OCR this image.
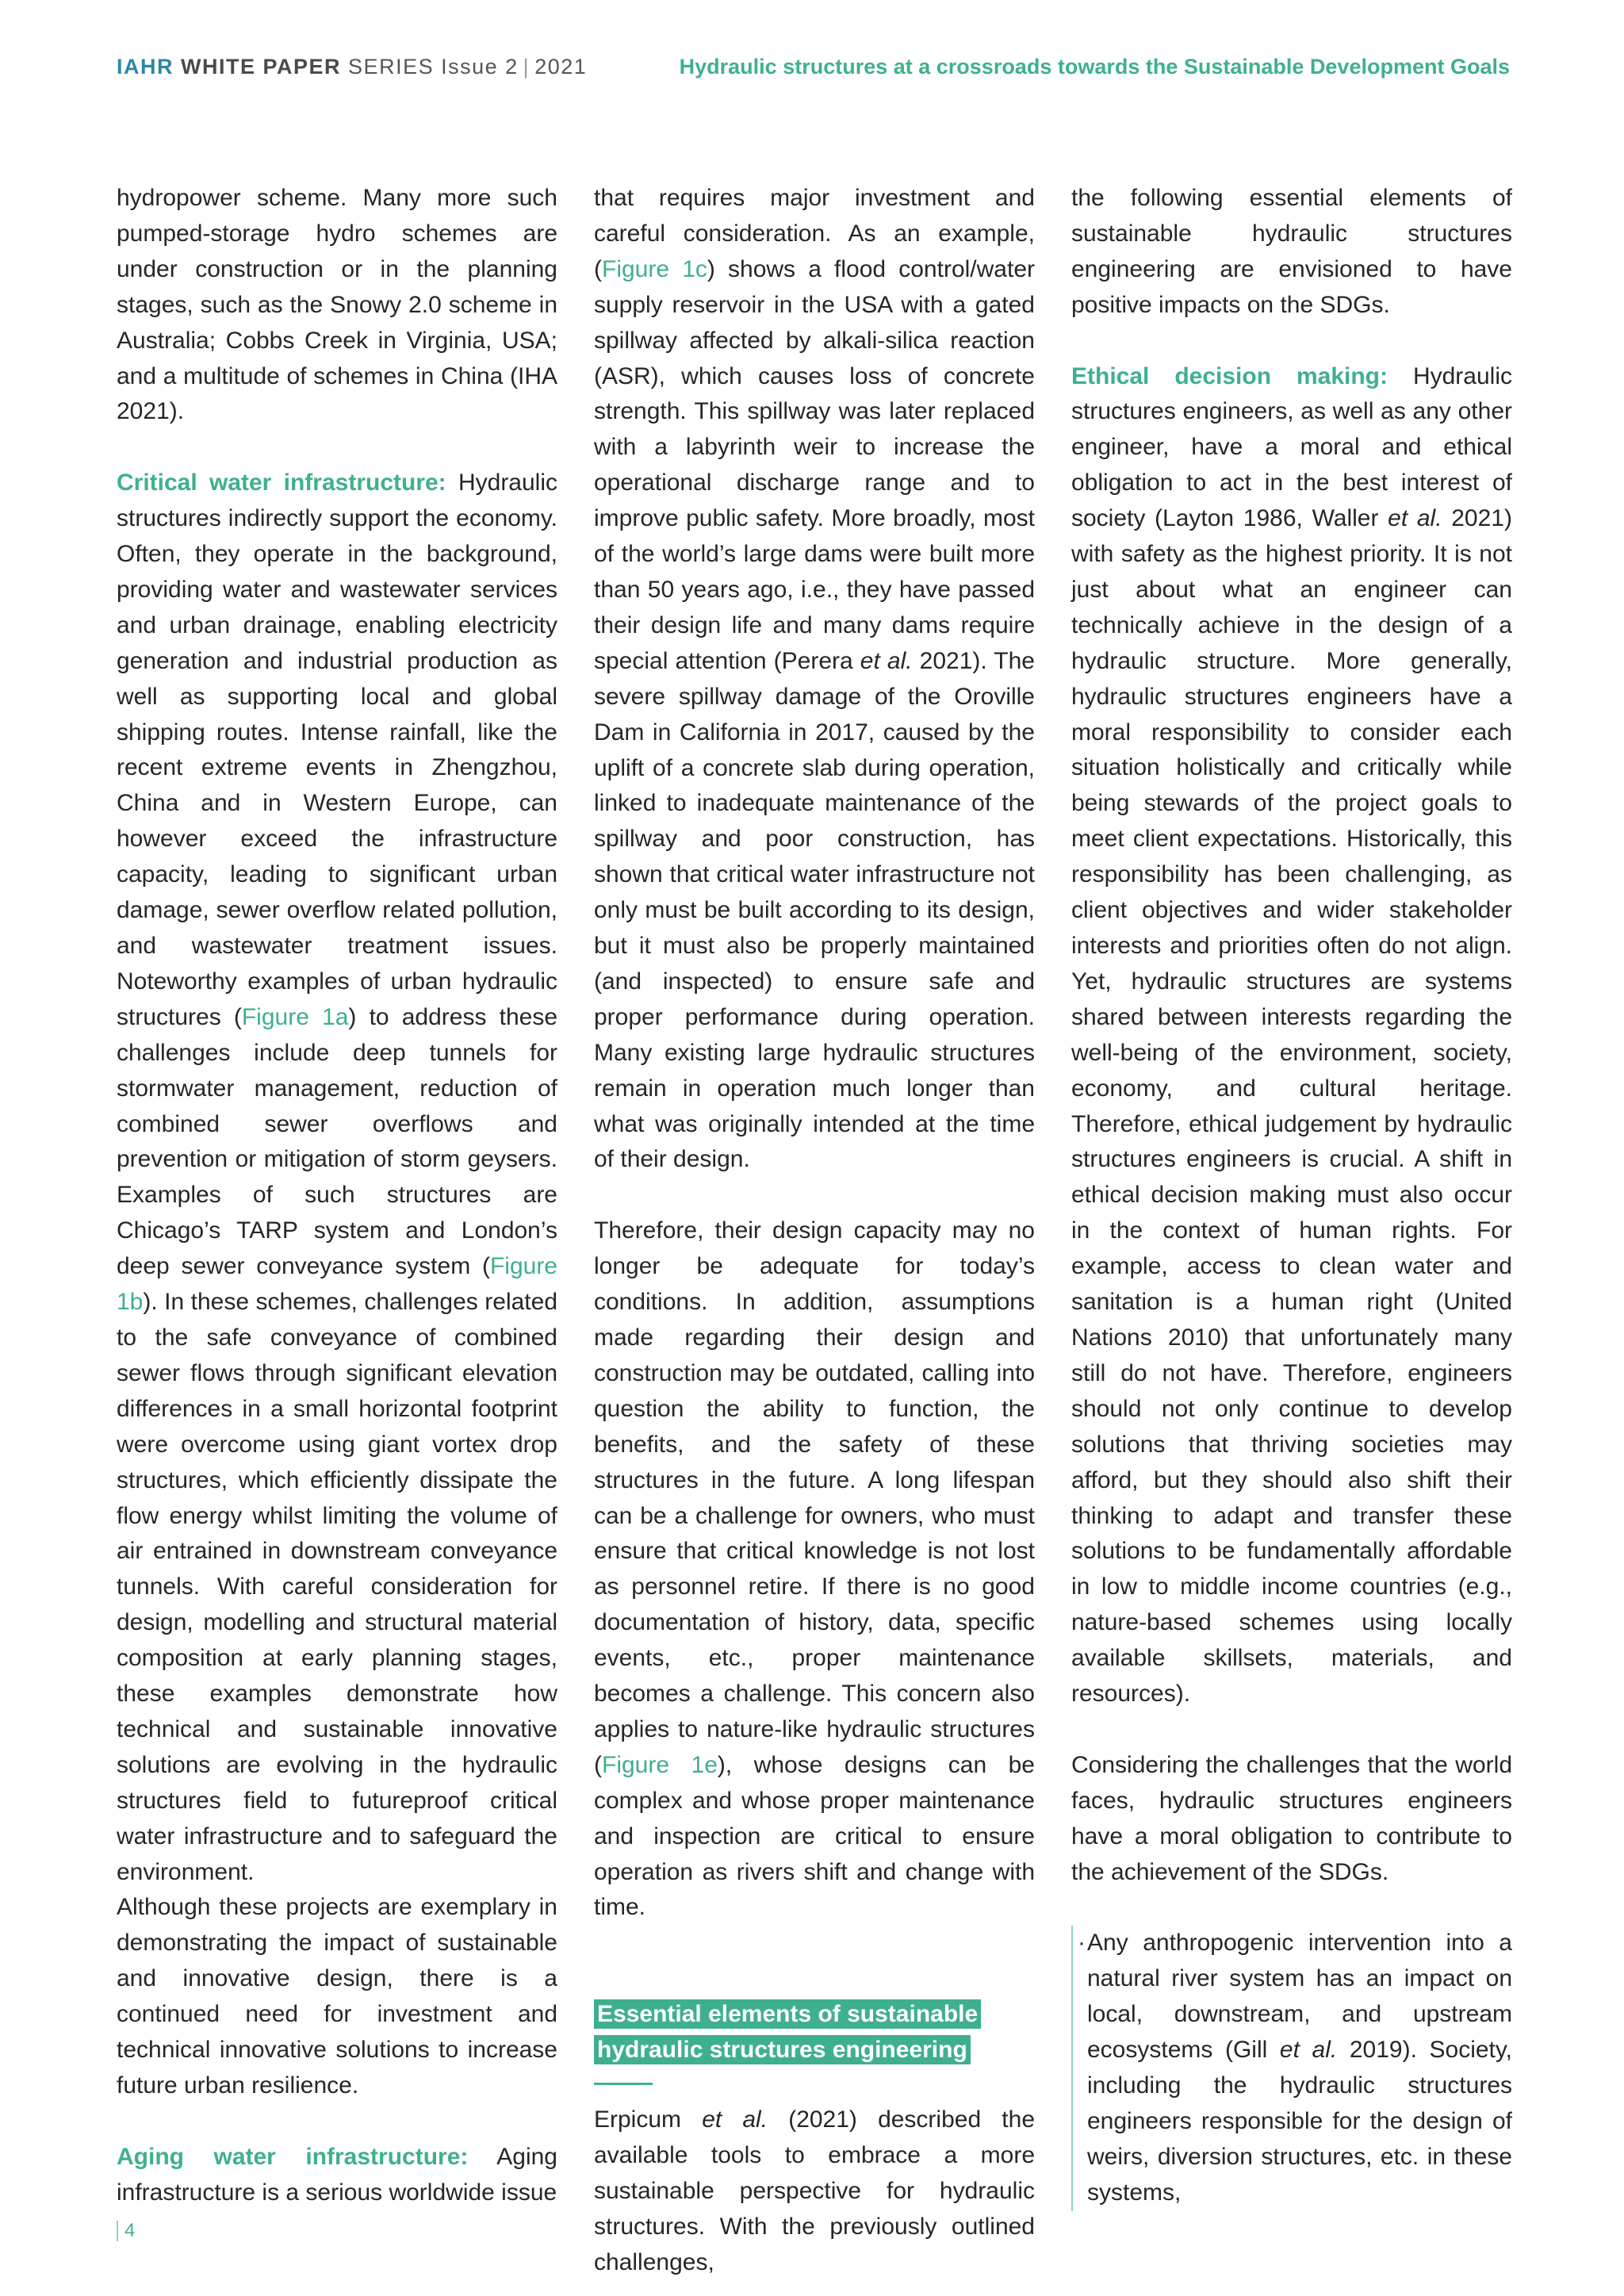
IAHR WHITE PAPER SERIES Issue 2 | 2021	Hydraulic structures at a crossroads towards the Sustainable Development Goals

hydropower scheme. Many more such pumped-storage hydro schemes are under construction or in the planning stages, such as the Snowy 2.0 scheme in Australia; Cobbs Creek in Virginia, USA; and a multitude of schemes in China (IHA 2021).

Critical water infrastructure: Hydraulic structures indirectly support the economy. Often, they operate in the background, providing water and wastewater services and urban drainage, enabling electricity generation and industrial production as well as supporting local and global shipping routes. Intense rainfall, like the recent extreme events in Zhengzhou, China and in Western Europe, can however exceed the infrastructure capacity, leading to significant urban damage, sewer overflow related pollution, and wastewater treatment issues. Noteworthy examples of urban hydraulic structures (Figure 1a) to address these challenges include deep tunnels for stormwater management, reduction of combined sewer overflows and prevention or mitigation of storm geysers. Examples of such structures are Chicago’s TARP system and London’s deep sewer conveyance system (Figure 1b). In these schemes, challenges related to the safe conveyance of combined sewer flows through significant elevation differences in a small horizontal footprint were overcome using giant vortex drop structures, which efficiently dissipate the flow energy whilst limiting the volume of air entrained in downstream conveyance tunnels. With careful consideration for design, modelling and structural material composition at early planning stages, these examples demonstrate how technical and sustainable innovative solutions are evolving in the hydraulic structures field to futureproof critical water infrastructure and to safeguard the environment.

Although these projects are exemplary in demonstrating the impact of sustainable and innovative design, there is a continued need for investment and technical innovative solutions to increase future urban resilience.

Aging water infrastructure: Aging infrastructure is a serious worldwide issue

that requires major investment and careful consideration. As an example, (Figure 1c) shows a flood control/water supply reservoir in the USA with a gated spillway affected by alkali-silica reaction (ASR), which causes loss of concrete strength. This spillway was later replaced with a labyrinth weir to increase the operational discharge range and to improve public safety. More broadly, most of the world’s large dams were built more than 50 years ago, i.e., they have passed their design life and many dams require special attention (Perera et al. 2021). The severe spillway damage of the Oroville Dam in California in 2017, caused by the uplift of a concrete slab during operation, linked to inadequate maintenance of the spillway and poor construction, has shown that critical water infrastructure not only must be built according to its design, but it must also be properly maintained (and inspected) to ensure safe and proper performance during operation. Many existing large hydraulic structures remain in operation much longer than what was originally intended at the time of their design.

Therefore, their design capacity may no longer be adequate for today’s conditions. In addition, assumptions made regarding their design and construction may be outdated, calling into question the ability to function, the benefits, and the safety of these structures in the future. A long lifespan can be a challenge for owners, who must ensure that critical knowledge is not lost as personnel retire. If there is no good documentation of history, data, specific events, etc., proper maintenance becomes a challenge. This concern also applies to nature-like hydraulic structures (Figure 1e), whose designs can be complex and whose proper maintenance and inspection are critical to ensure operation as rivers shift and change with time.

Essential elements of sustainable
hydraulic structures engineering

Erpicum et al. (2021) described the available tools to embrace a more sustainable perspective for hydraulic structures. With the previously outlined challenges,

the following essential elements of sustainable hydraulic structures engineering are envisioned to have positive impacts on the SDGs.

Ethical decision making: Hydraulic structures engineers, as well as any other engineer, have a moral and ethical obligation to act in the best interest of society (Layton 1986, Waller et al. 2021) with safety as the highest priority. It is not just about what an engineer can technically achieve in the design of a hydraulic structure. More generally, hydraulic structures engineers have a moral responsibility to consider each situation holistically and critically while being stewards of the project goals to meet client expectations. Historically, this responsibility has been challenging, as client objectives and wider stakeholder interests and priorities often do not align. Yet, hydraulic structures are systems shared between interests regarding the well-being of the environment, society, economy, and cultural heritage. Therefore, ethical judgement by hydraulic structures engineers is crucial. A shift in ethical decision making must also occur in the context of human rights. For example, access to clean water and sanitation is a human right (United Nations 2010) that unfortunately many still do not have. Therefore, engineers should not only continue to develop solutions that thriving societies may afford, but they should also shift their thinking to adapt and transfer these solutions to be fundamentally affordable in low to middle income countries (e.g., nature-based schemes using locally available skillsets, materials, and resources).

Considering the challenges that the world faces, hydraulic structures engineers have a moral obligation to contribute to the achievement of the SDGs.

· Any anthropogenic intervention into a natural river system has an impact on local, downstream, and upstream ecosystems (Gill et al. 2019). Society, including the hydraulic structures engineers responsible for the design of weirs, diversion structures, etc. in these systems,

4
